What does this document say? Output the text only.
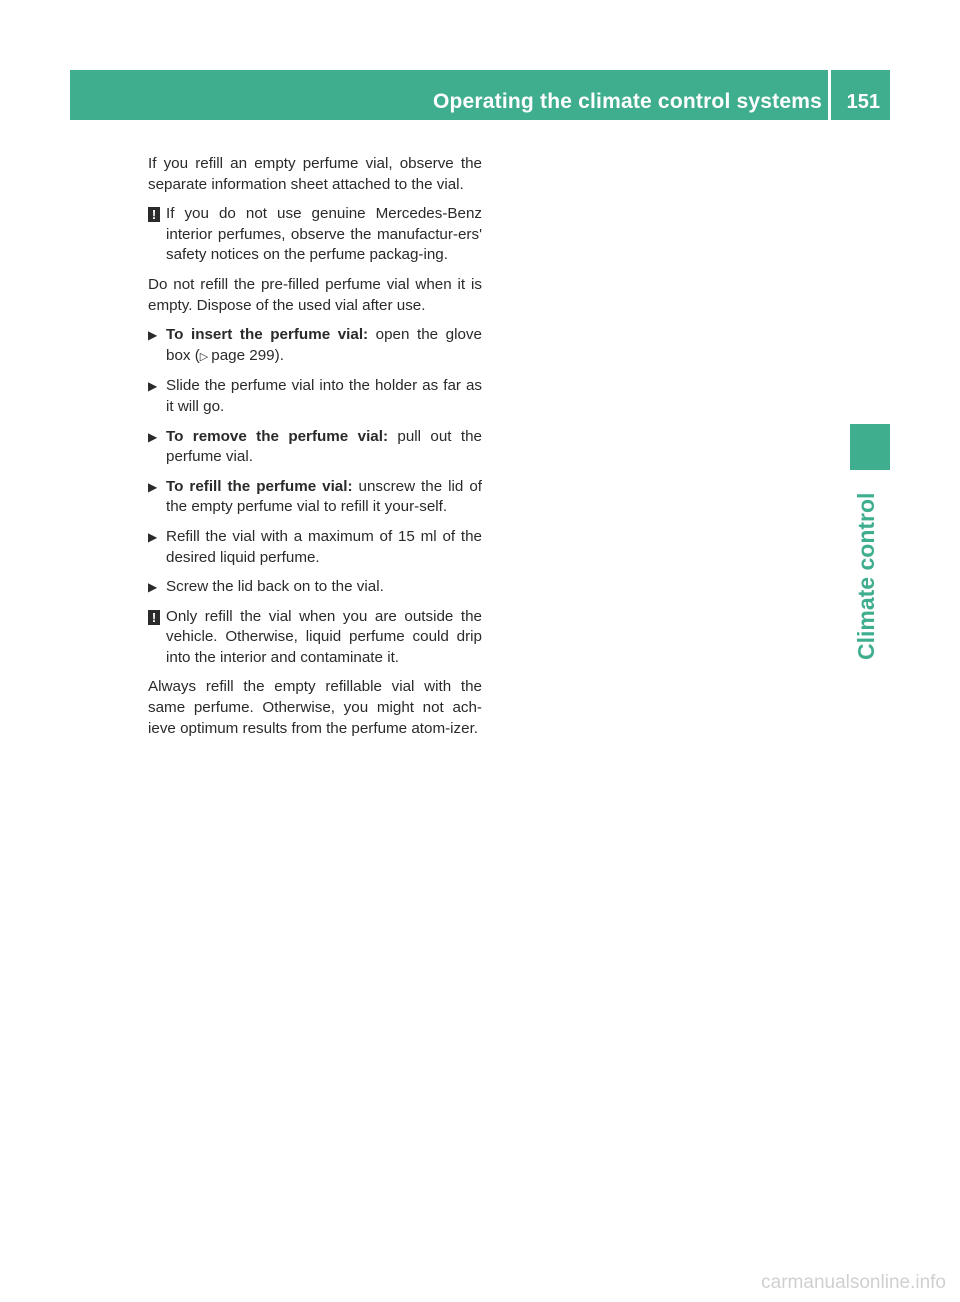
Operating the climate control systems 151
Climate control

If you refill an empty perfume vial, observe the separate information sheet attached to the vial.

! If you do not use genuine Mercedes-Benz interior perfumes, observe the manufactur-ers' safety notices on the perfume packag-ing.

Do not refill the pre-filled perfume vial when it is empty. Dispose of the used vial after use.

▶ To insert the perfume vial: open the glove box (▷  page 299).
▶ Slide the perfume vial into the holder as far as it will go.
▶ To remove the perfume vial: pull out the perfume vial.
▶ To refill the perfume vial: unscrew the lid of the empty perfume vial to refill it your-self.
▶ Refill the vial with a maximum of 15 ml of the desired liquid perfume.
▶ Screw the lid back on to the vial.
! Only refill the vial when you are outside the vehicle. Otherwise, liquid perfume could drip into the interior and contaminate it.

Always refill the empty refillable vial with the same perfume. Otherwise, you might not ach-ieve optimum results from the perfume atom-izer.

carmanualsonline.info
